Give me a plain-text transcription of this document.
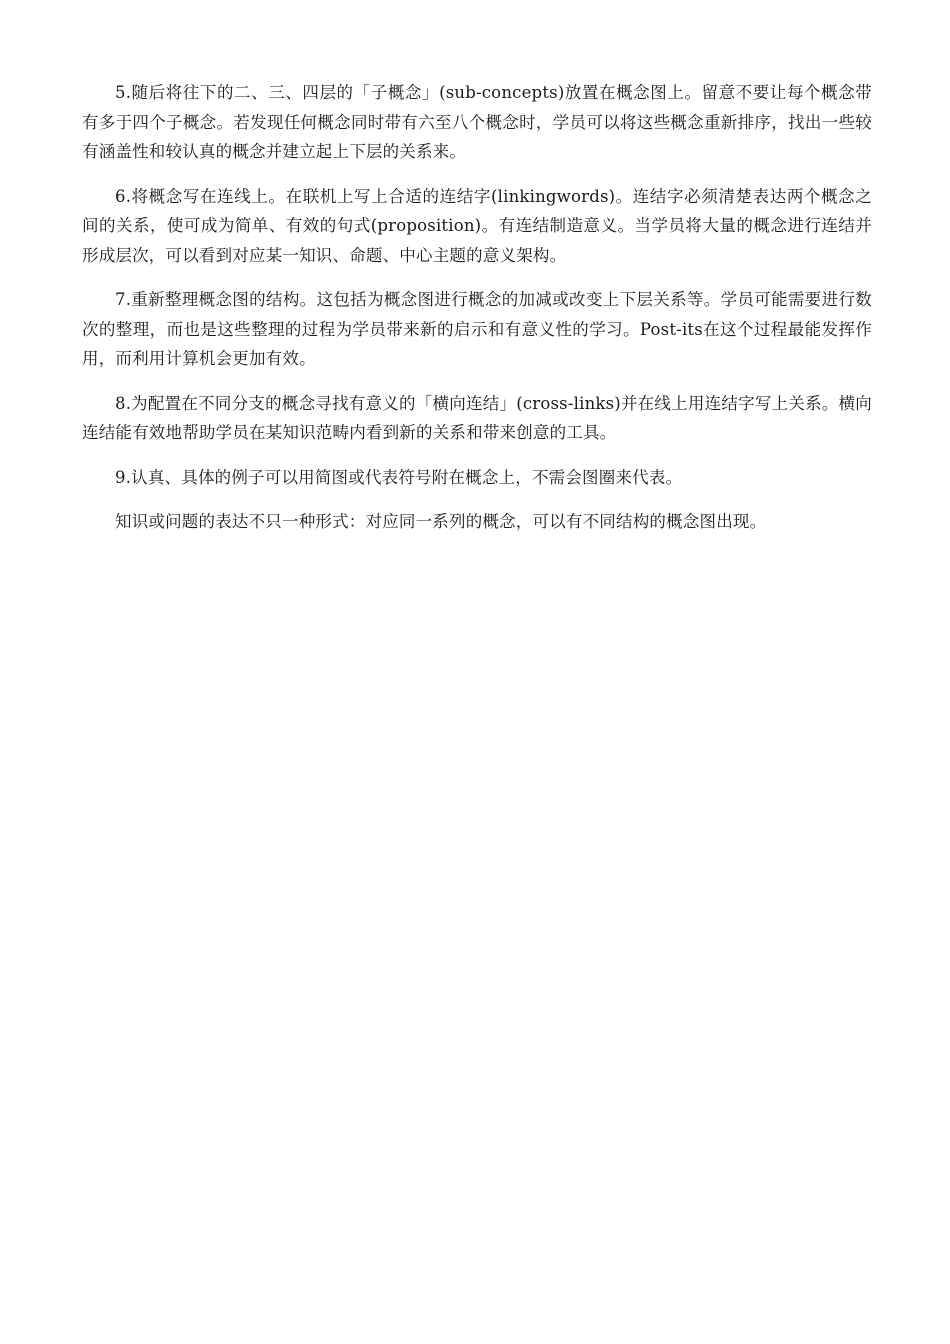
5.随后将往下的二、三、四层的「子概念」(sub-concepts)放置在概念图上。留意不要让每个概念带有多于四个子概念。若发现任何概念同时带有六至八个概念时，学员可以将这些概念重新排序，找出一些较有涵盖性和较认真的概念并建立起上下层的关系来。

6.将概念写在连线上。在联机上写上合适的连结字(linkingwords)。连结字必须清楚表达两个概念之间的关系，使可成为简单、有效的句式(proposition)。有连结制造意义。当学员将大量的概念进行连结并形成层次，可以看到对应某一知识、命题、中心主题的意义架构。

7.重新整理概念图的结构。这包括为概念图进行概念的加减或改变上下层关系等。学员可能需要进行数次的整理，而也是这些整理的过程为学员带来新的启示和有意义性的学习。Post-its在这个过程最能发挥作用，而利用计算机会更加有效。

8.为配置在不同分支的概念寻找有意义的「横向连结」(cross-links)并在线上用连结字写上关系。横向连结能有效地帮助学员在某知识范畴内看到新的关系和带来创意的工具。

9.认真、具体的例子可以用简图或代表符号附在概念上，不需会图圈来代表。

知识或问题的表达不只一种形式：对应同一系列的概念，可以有不同结构的概念图出现。
